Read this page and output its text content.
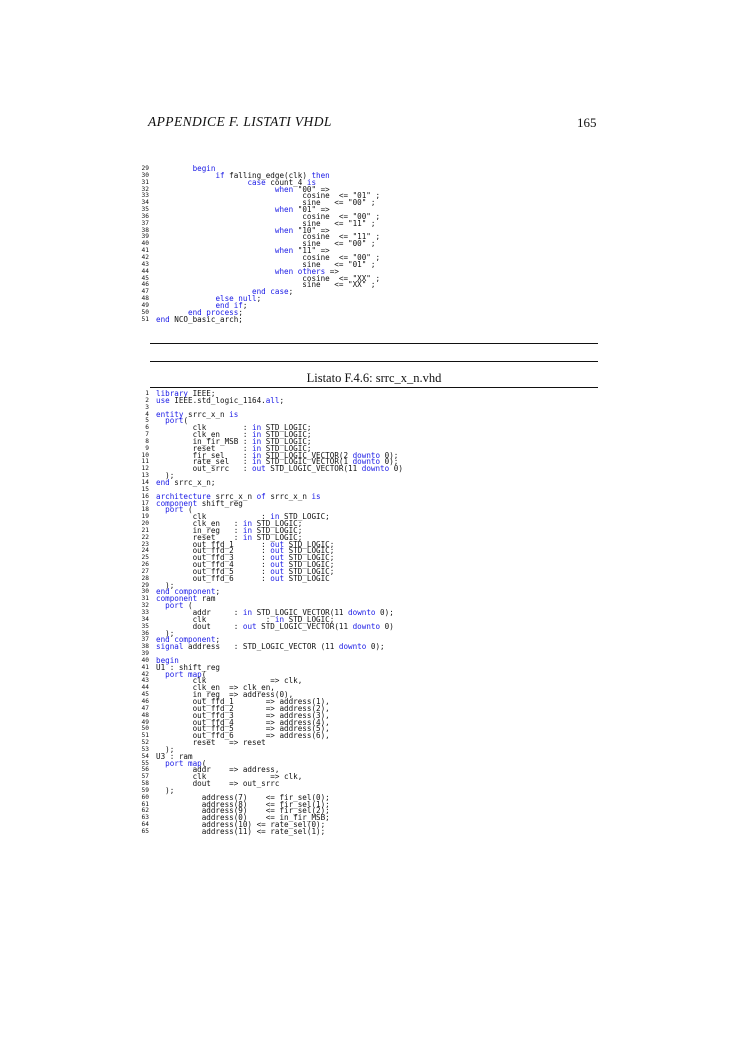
APPENDICE F. LISTATI VHDL	165
29	begin
30	if falling_edge(clk) then
31	case count_4 is
32	when "00" =>
33 cosine  <= "01" ;
34 sine   <= "00" ;
35	when "01" =>
36 cosine  <= "00" ;
37 sine   <= "11" ;
38	when "10" =>
39 cosine  <= "11" ;
40 sine   <= "00" ;
41	when "11" =>
42 cosine  <= "00" ;
43 sine   <= "01" ;
44	when others =>
45 cosine  <= "XX" ;
46 sine   <= "XX" ;
47	end case;
48	else null;
49	end if;
50	end process;
51 end NCO_basic_arch;
Listato F.4.6: srrc_x_n.vhd
1 library IEEE;
2 use IEEE.std_logic_1164.all;
3
4 entity srrc_x_n is
5	port(
6 clk        : in STD_LOGIC;
7 clk_en     : in STD_LOGIC;
8 in_fir_MSB : in STD_LOGIC;
9 reset      : in STD_LOGIC;
10 fir_sel    : in STD_LOGIC_VECTOR(2 downto 0);
11 rate_sel   : in STD_LOGIC_VECTOR(1 downto 0);
12 out_srrc   : out STD_LOGIC_VECTOR(11 downto 0)
13 );
14 end srrc_x_n;
15
16 architecture srrc_x_n of srrc_x_n is
17 component shift_reg
18	port (
19 clk            : in STD_LOGIC;
20 clk_en   : in STD_LOGIC;
21 in_reg   : in STD_LOGIC;
22 reset    : in STD_LOGIC;
23 out_ffd_1      : out STD_LOGIC;
24 out_ffd_2      : out STD_LOGIC;
25 out_ffd_3      : out STD_LOGIC;
26 out_ffd_4      : out STD_LOGIC;
27 out_ffd_5      : out STD_LOGIC;
28 out_ffd_6      : out STD_LOGIC
29 );
30 end component;
31 component ram
32	port (
33 addr     : in STD_LOGIC_VECTOR(11 downto 0);
34 clk             : in STD_LOGIC;
35 dout     : out STD_LOGIC_VECTOR(11 downto 0)
36 );
37 end component;
38 signal address   : STD_LOGIC_VECTOR (11 downto 0);
39
40 begin
41 U1 : shift_reg
42	port map(
43 clk              => clk,
44 clk_en  => clk_en,
45 in_reg  => address(0),
46 out_ffd_1       => address(1),
47 out_ffd_2       => address(2),
48 out_ffd_3       => address(3),
49 out_ffd_4       => address(4),
50 out_ffd_5       => address(5),
51 out_ffd_6       => address(6),
52 reset   => reset
53 );
54 U3 : ram
55	port map(
56 addr    => address,
57 clk              => clk,
58 dout    => out_srrc
59 );
60 address(7)    <= fir_sel(0);
61 address(8)    <= fir_sel(1);
62 address(9)    <= fir_sel(2);
63 address(0)    <= in_fir_MSB;
64 address(10) <= rate_sel(0);
65 address(11) <= rate_sel(1);
